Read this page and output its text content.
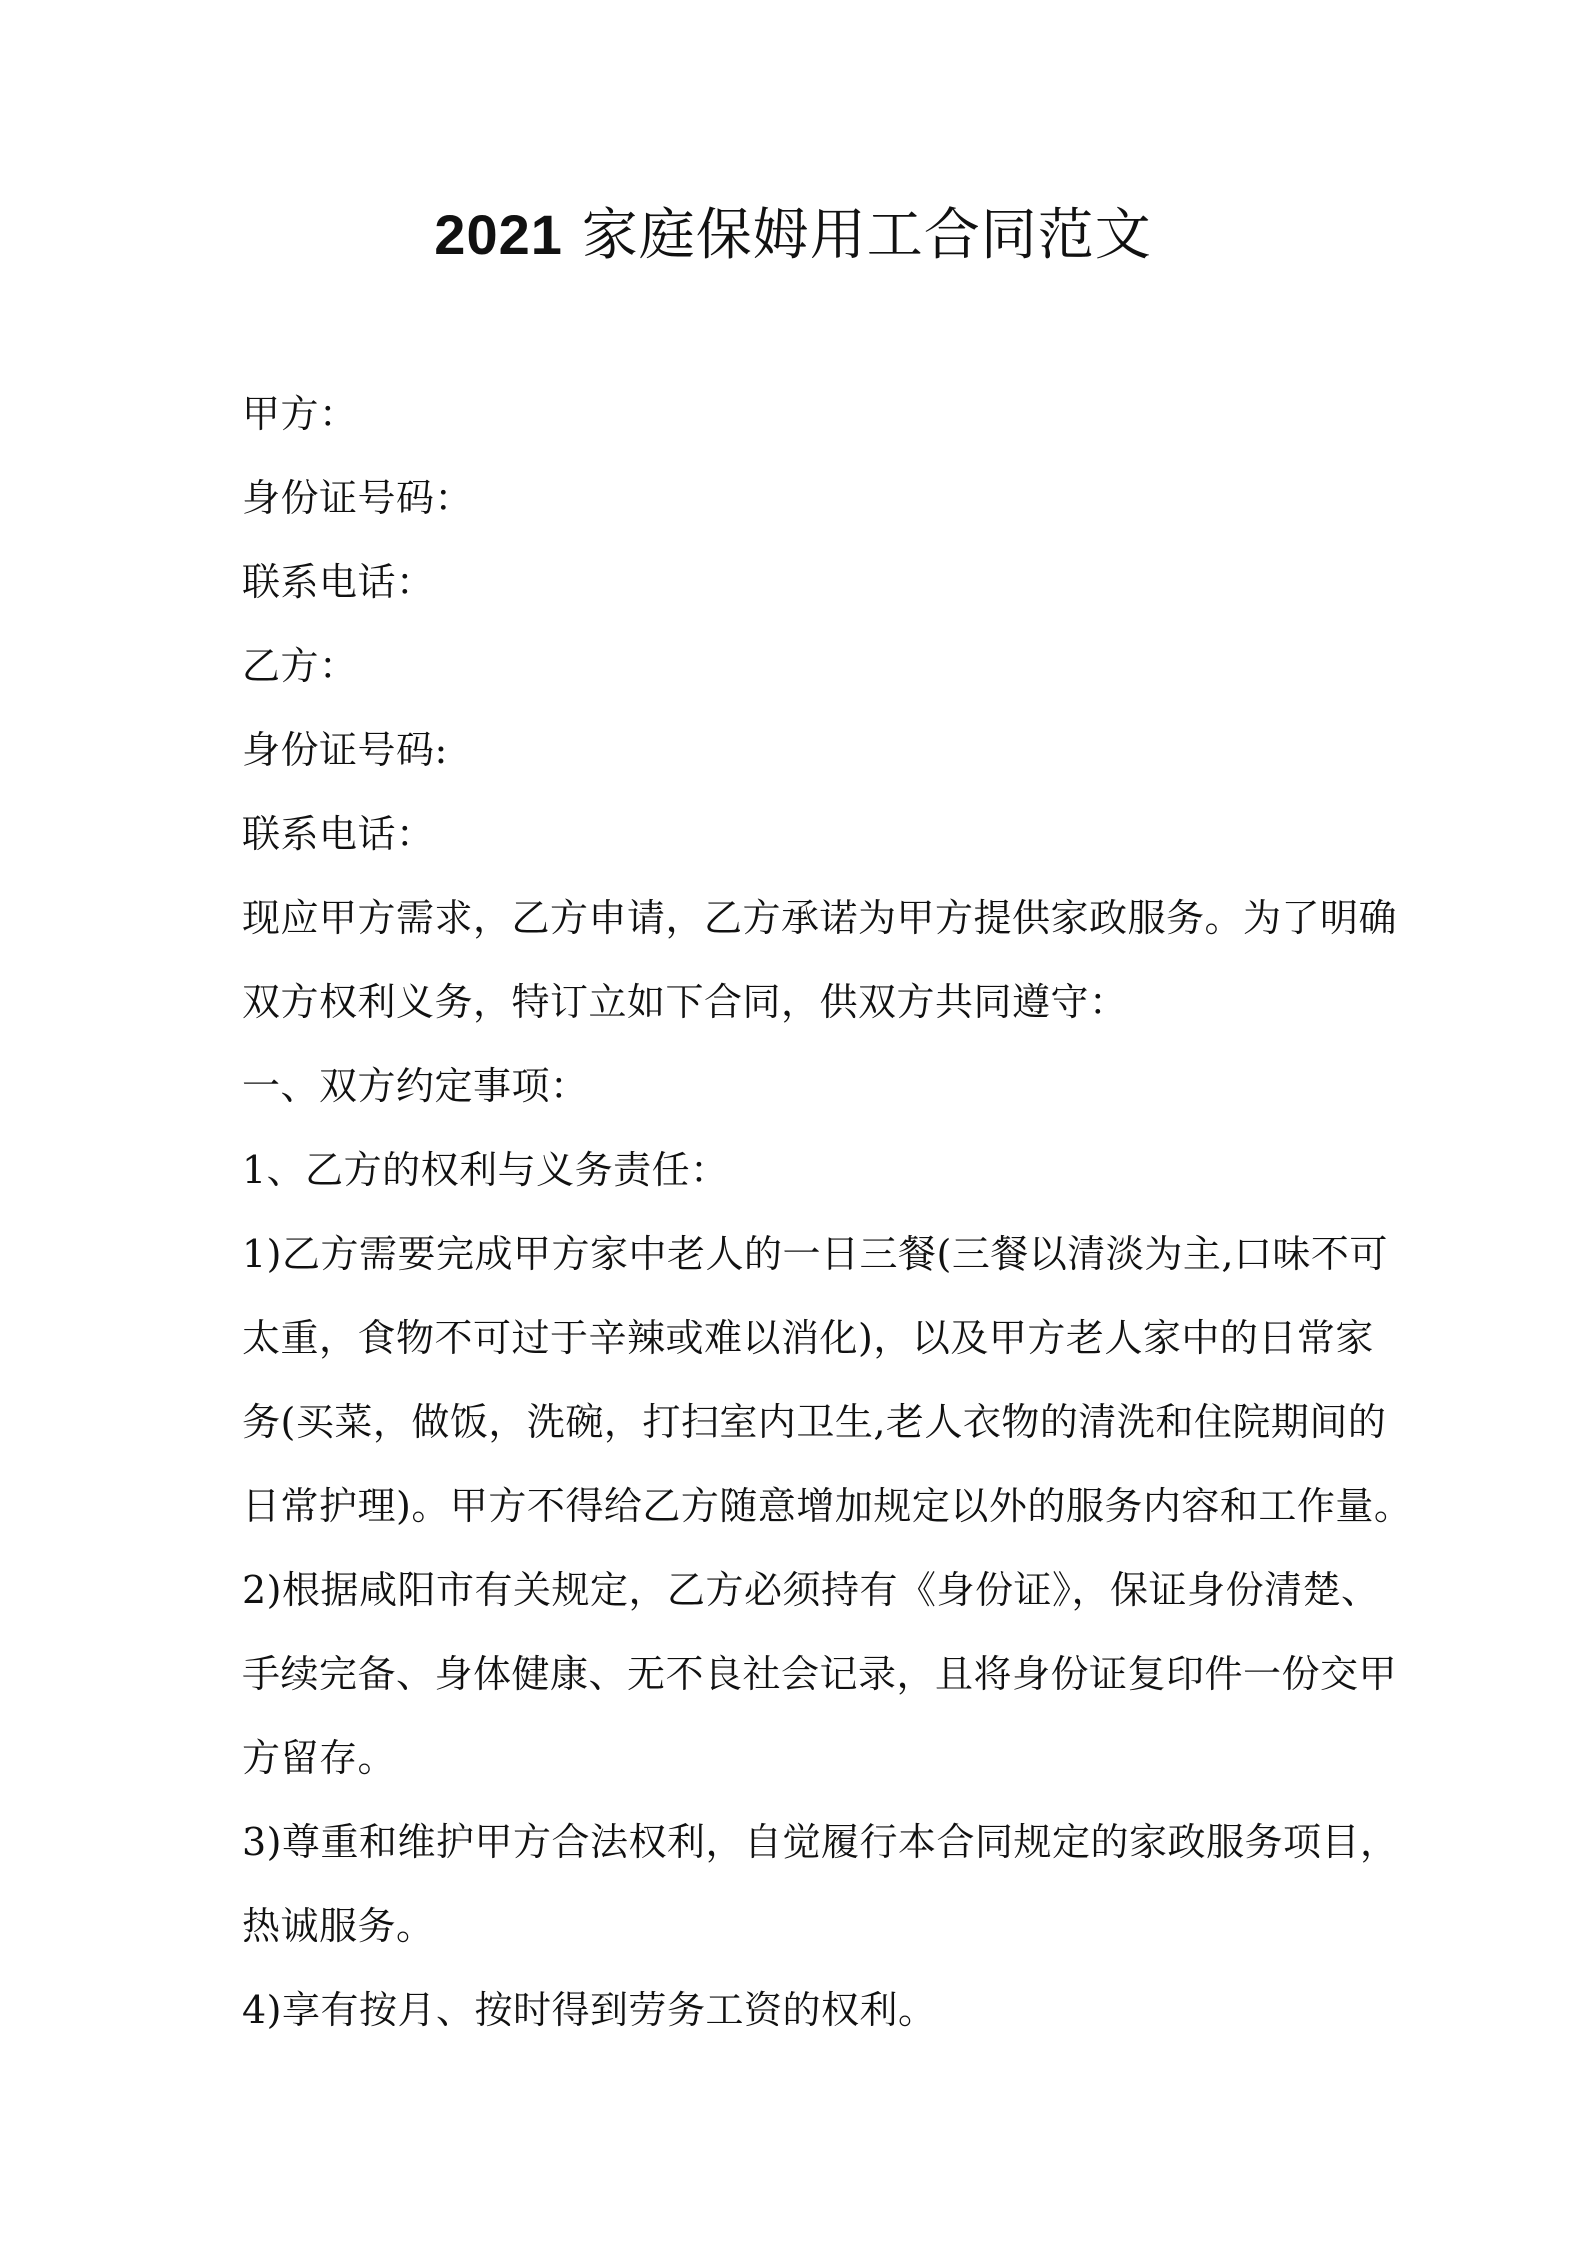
2021 家庭保姆用工合同范文

甲方：

身份证号码：

联系电话：

乙方：

身份证号码:

联系电话：

现应甲方需求，乙方申请，乙方承诺为甲方提供家政服务。为了明确

双方权利义务，特订立如下合同，供双方共同遵守：

一、双方约定事项：

1、乙方的权利与义务责任：

1)乙方需要完成甲方家中老人的一日三餐(三餐以清淡为主,口味不可

太重，食物不可过于辛辣或难以消化)，以及甲方老人家中的日常家

务(买菜，做饭，洗碗，打扫室内卫生,老人衣物的清洗和住院期间的

日常护理)。甲方不得给乙方随意增加规定以外的服务内容和工作量。

2)根据咸阳市有关规定，乙方必须持有《身份证》，保证身份清楚、

手续完备、身体健康、无不良社会记录，且将身份证复印件一份交甲

方留存。

3)尊重和维护甲方合法权利，自觉履行本合同规定的家政服务项目，

热诚服务。

4)享有按月、按时得到劳务工资的权利。
